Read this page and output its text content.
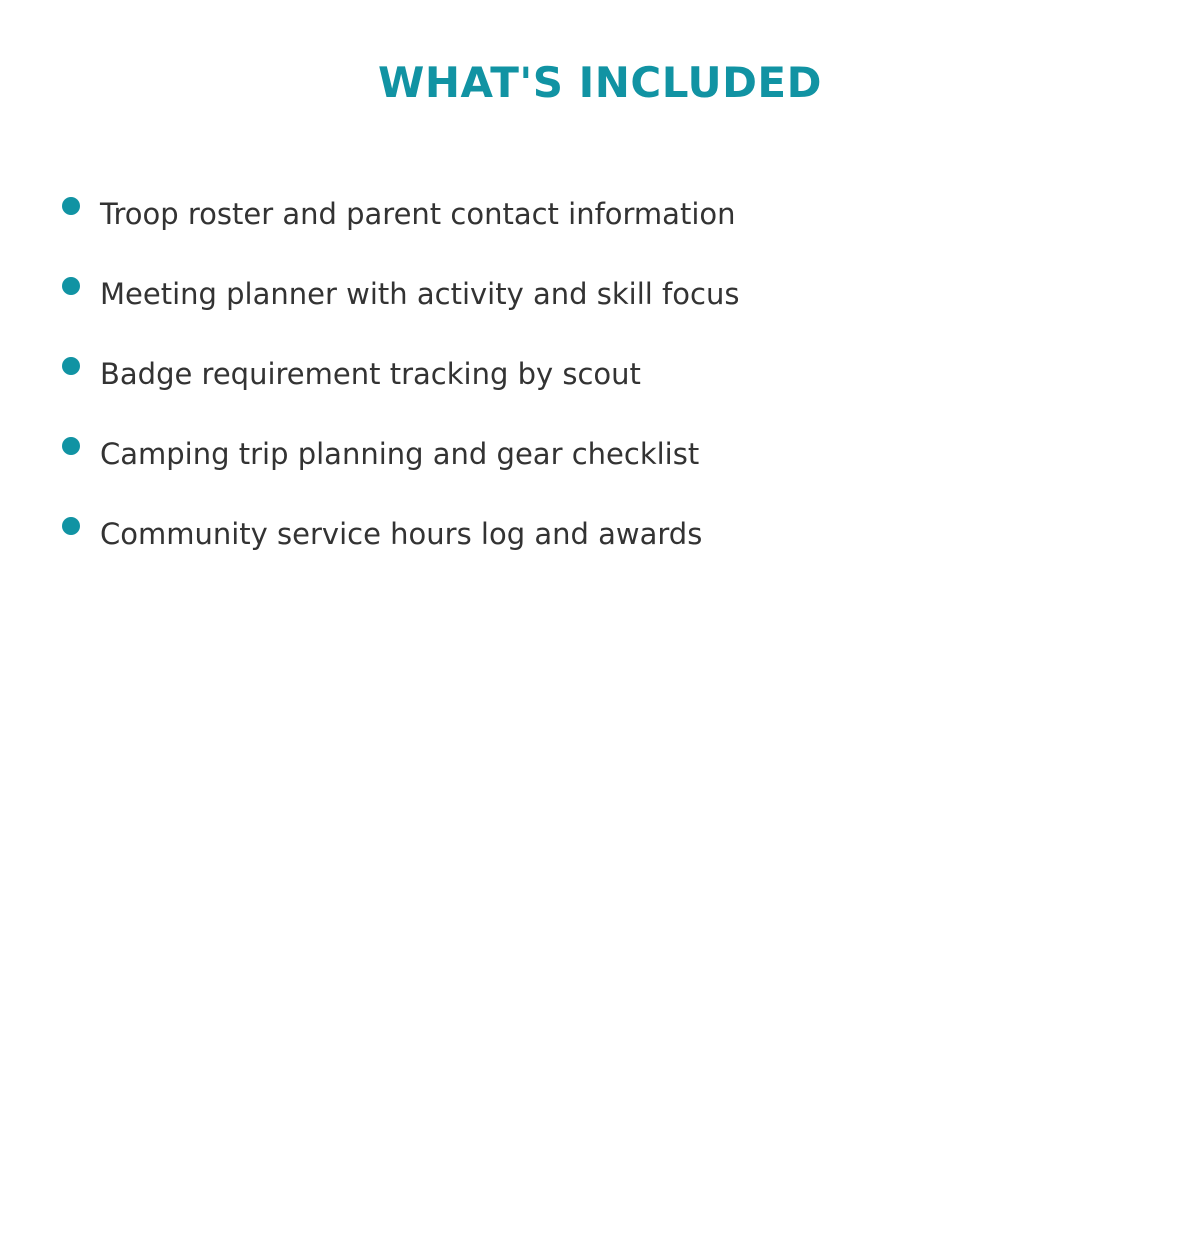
WHAT'S INCLUDED
Troop roster and parent contact information
Meeting planner with activity and skill focus
Badge requirement tracking by scout
Camping trip planning and gear checklist
Community service hours log and awards
